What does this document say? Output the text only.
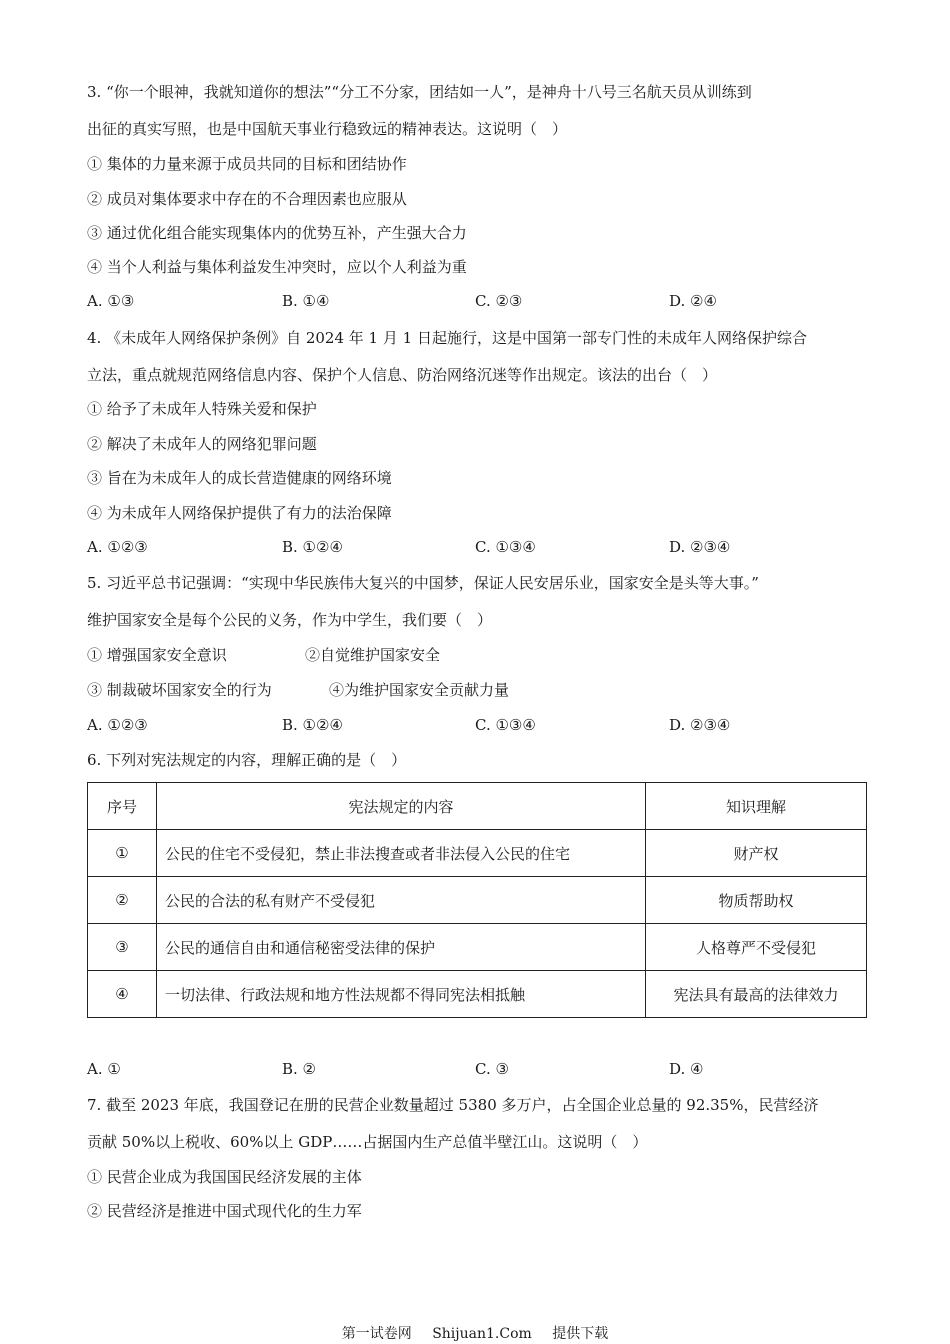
3. “你一个眼神，我就知道你的想法”“分工不分家，团结如一人”，是神舟十八号三名航天员从训练到
出征的真实写照，也是中国航天事业行稳致远的精神表达。这说明（　）
① 集体的力量来源于成员共同的目标和团结协作
② 成员对集体要求中存在的不合理因素也应服从
③ 通过优化组合能实现集体内的优势互补，产生强大合力
④ 当个人利益与集体利益发生冲突时，应以个人利益为重
A. ①③	B. ①④	C. ②③	D. ②④
4. 《未成年人网络保护条例》自 2024 年 1 月 1 日起施行，这是中国第一部专门性的未成年人网络保护综合
立法，重点就规范网络信息内容、保护个人信息、防治网络沉迷等作出规定。该法的出台（　）
① 给予了未成年人特殊关爱和保护
② 解决了未成年人的网络犯罪问题
③ 旨在为未成年人的成长营造健康的网络环境
④ 为未成年人网络保护提供了有力的法治保障
A. ①②③	B. ①②④	C. ①③④	D. ②③④
5. 习近平总书记强调：“实现中华民族伟大复兴的中国梦，保证人民安居乐业，国家安全是头等大事。”
维护国家安全是每个公民的义务，作为中学生，我们要（　）
① 增强国家安全意识	②自觉维护国家安全
③ 制裁破坏国家安全的行为	④为维护国家安全贡献力量
A. ①②③	B. ①②④	C. ①③④	D. ②③④
6. 下列对宪法规定的内容，理解正确的是（　）
序号	宪法规定的内容	知识理解
①	公民的住宅不受侵犯，禁止非法搜查或者非法侵入公民的住宅	财产权
②	公民的合法的私有财产不受侵犯	物质帮助权
③	公民的通信自由和通信秘密受法律的保护	人格尊严不受侵犯
④	一切法律、行政法规和地方性法规都不得同宪法相抵触	宪法具有最高的法律效力
A. ①	B. ②	C. ③	D. ④
7. 截至 2023 年底，我国登记在册的民营企业数量超过 5380 多万户，占全国企业总量的 92.35%，民营经济
贡献 50%以上税收、60%以上 GDP……占据国内生产总值半壁江山。这说明（　）
① 民营企业成为我国国民经济发展的主体
② 民营经济是推进中国式现代化的生力军
第一试卷网 Shijuan1.Com 提供下载
